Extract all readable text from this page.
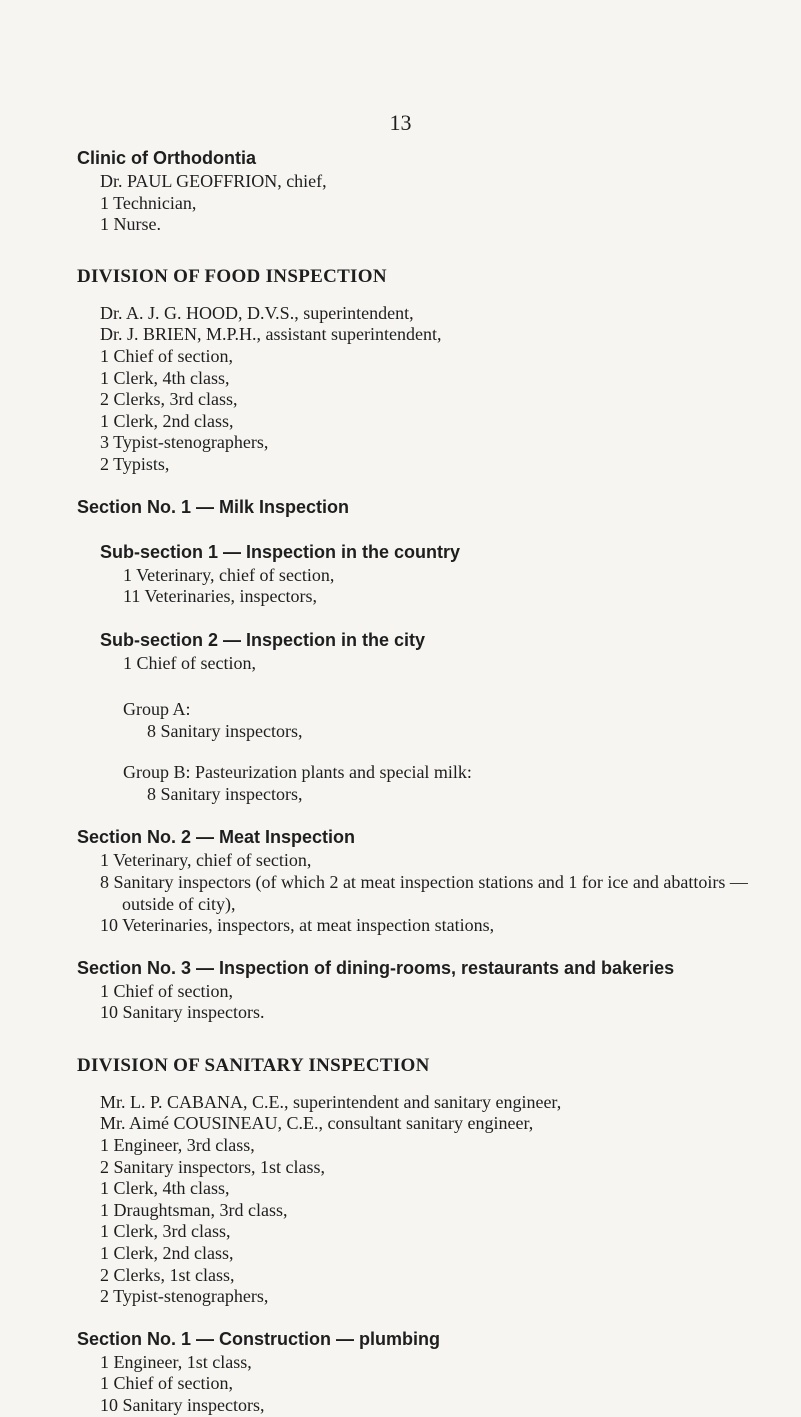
13
Clinic of Orthodontia
Dr. PAUL GEOFFRION, chief,
1 Technician,
1 Nurse.
DIVISION OF FOOD INSPECTION
Dr. A. J. G. HOOD, D.V.S., superintendent,
Dr. J. BRIEN, M.P.H., assistant superintendent,
1 Chief of section,
1 Clerk, 4th class,
2 Clerks, 3rd class,
1 Clerk, 2nd class,
3 Typist-stenographers,
2 Typists,
Section No. 1 — Milk Inspection
Sub-section 1 — Inspection in the country
1 Veterinary, chief of section,
11 Veterinaries, inspectors,
Sub-section 2 — Inspection in the city
1 Chief of section,
Group A:
8 Sanitary inspectors,
Group B: Pasteurization plants and special milk:
8 Sanitary inspectors,
Section No. 2 — Meat Inspection
1 Veterinary, chief of section,
8 Sanitary inspectors (of which 2 at meat inspection stations and 1 for ice and abattoirs — outside of city),
10 Veterinaries, inspectors, at meat inspection stations,
Section No. 3 — Inspection of dining-rooms, restaurants and bakeries
1 Chief of section,
10 Sanitary inspectors.
DIVISION OF SANITARY INSPECTION
Mr. L. P. CABANA, C.E., superintendent and sanitary engineer,
Mr. Aimé COUSINEAU, C.E., consultant sanitary engineer,
1 Engineer, 3rd class,
2 Sanitary inspectors, 1st class,
1 Clerk, 4th class,
1 Draughtsman, 3rd class,
1 Clerk, 3rd class,
1 Clerk, 2nd class,
2 Clerks, 1st class,
2 Typist-stenographers,
Section No. 1 — Construction — plumbing
1 Engineer, 1st class,
1 Chief of section,
10 Sanitary inspectors,
